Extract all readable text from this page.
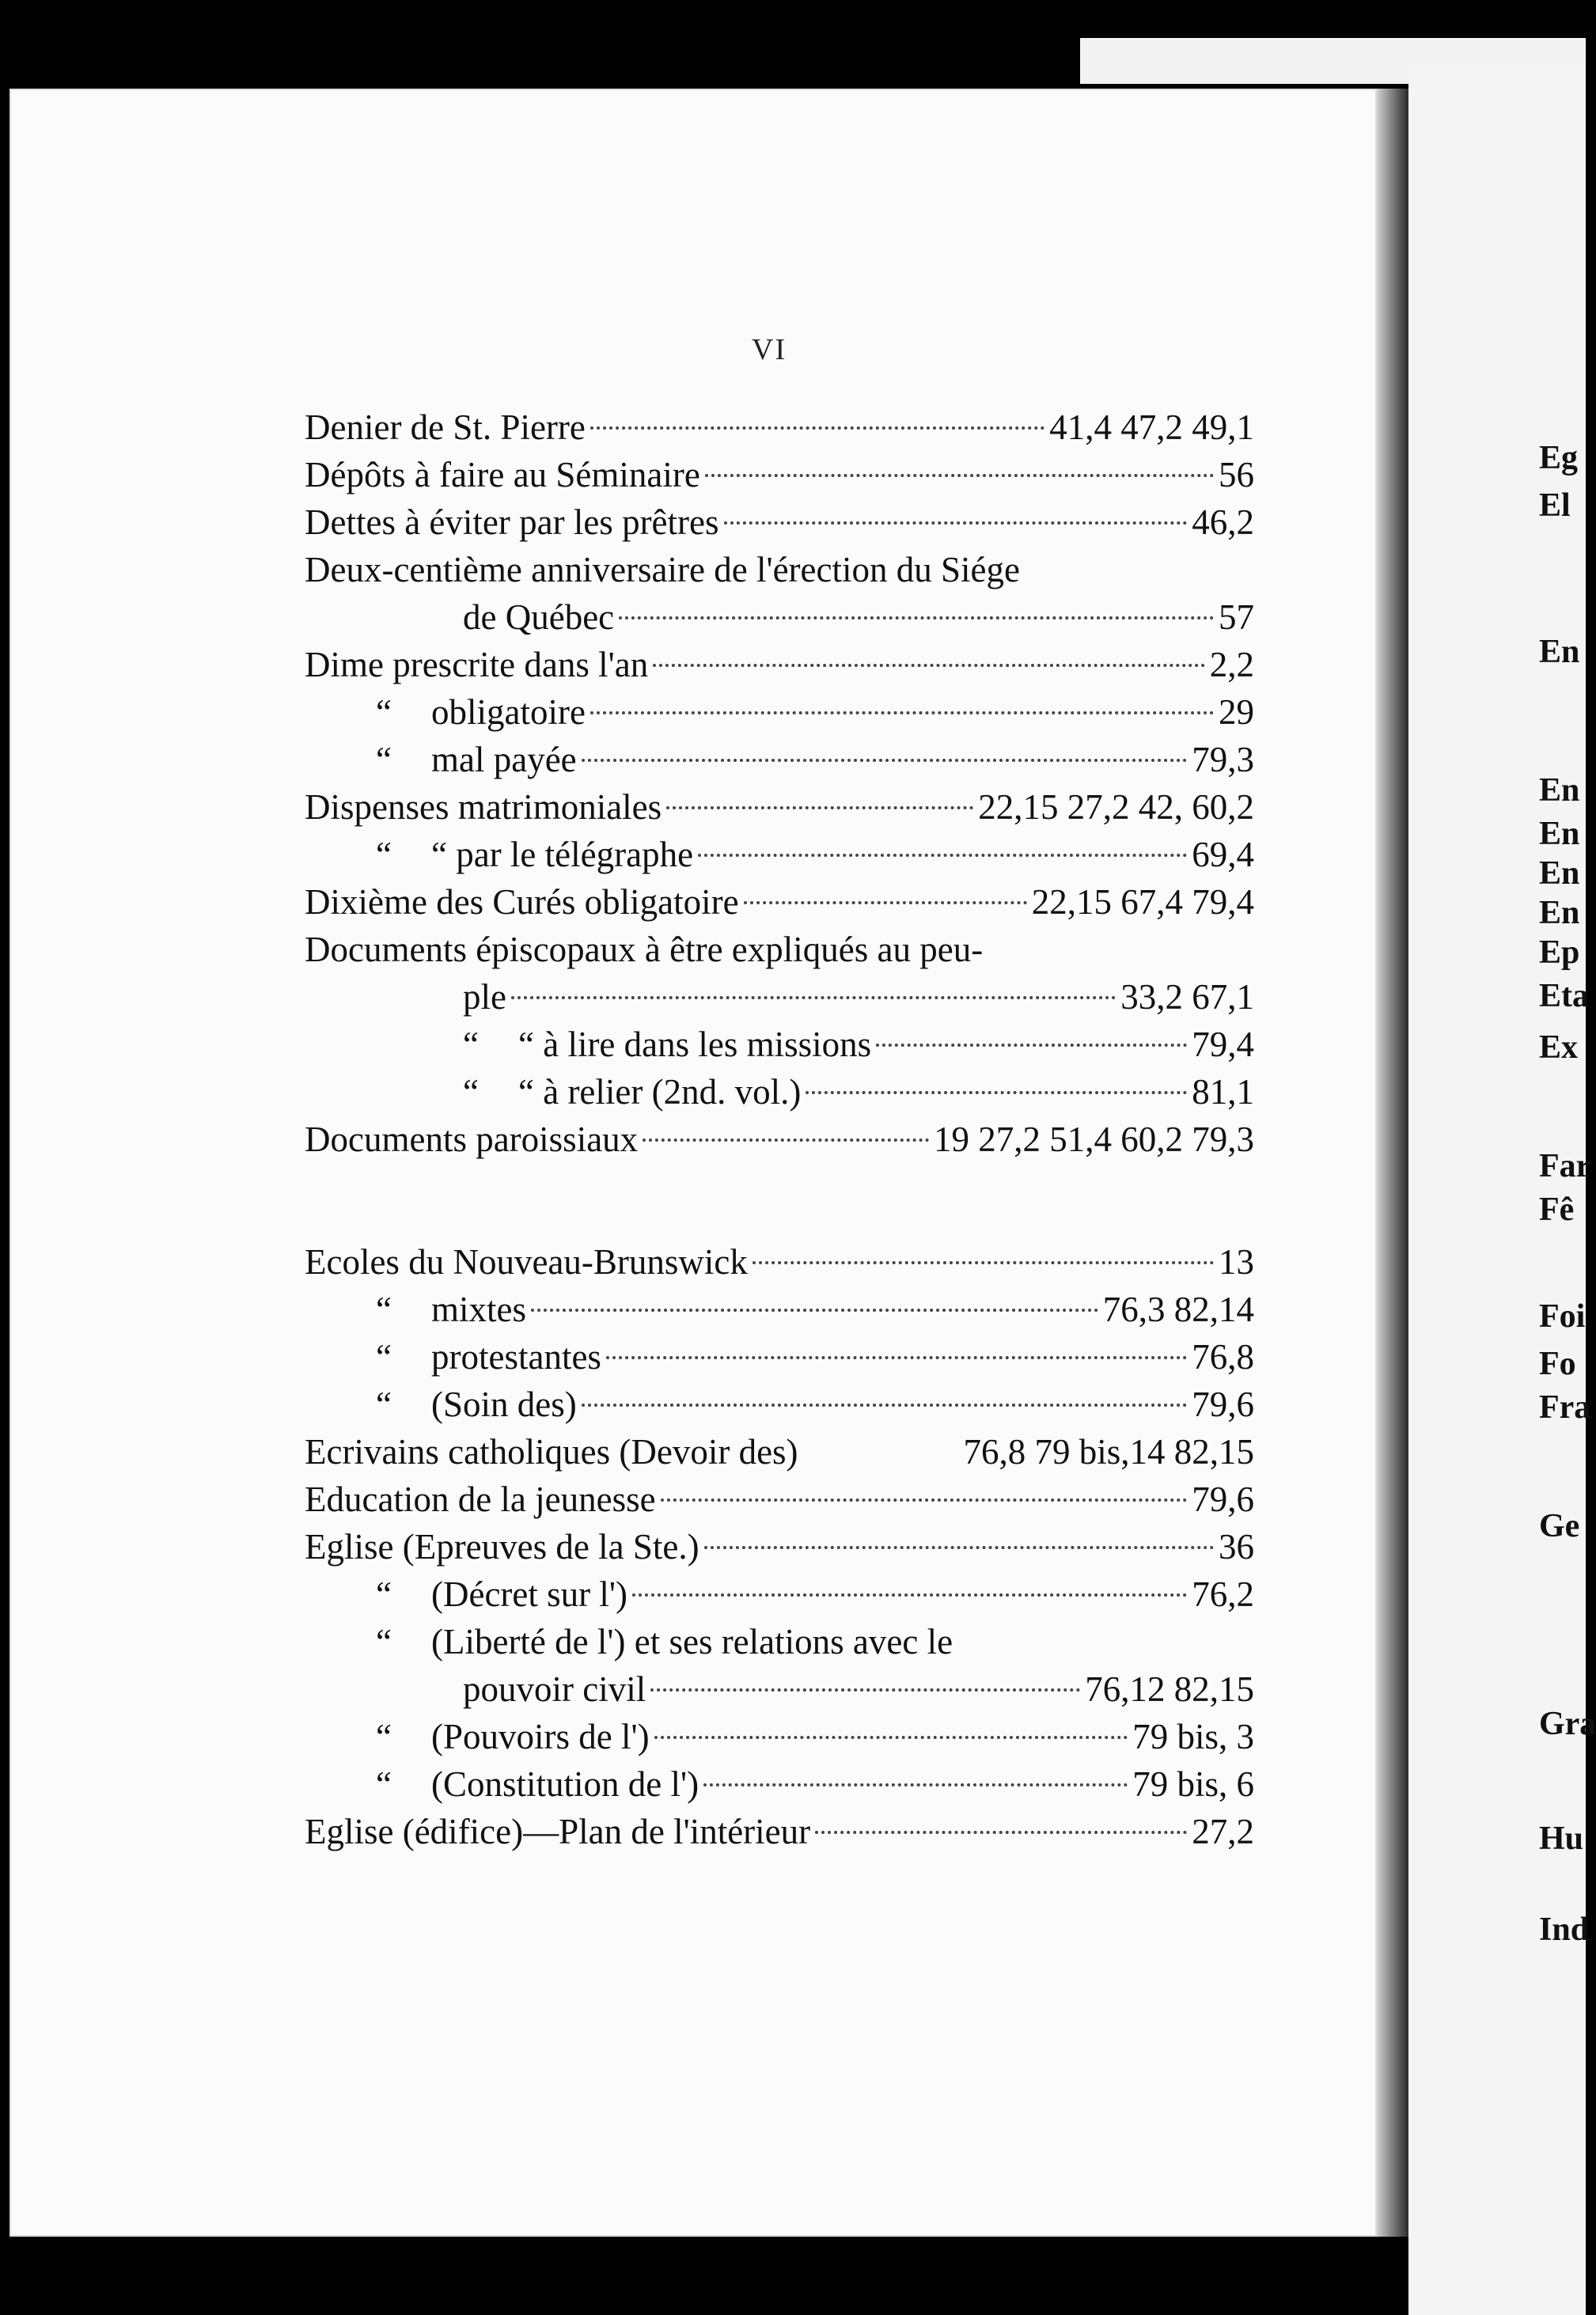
Eg
El
En
En
En
En
En
Ep
Eta
Ex
Far
Fê
Foi
Fo
Fra
Ge
Gra
Hu
Ind
VI
Denier de St. Pierre	41,4 47,2 49,1
Dépôts à faire au Séminaire	56
Dettes à éviter par les prêtres	46,2
Deux-centième anniversaire de l'érection du Siége
de Québec	57
Dime prescrite dans l'an	2,2
“	obligatoire	29
“	mal payée	79,3
Dispenses matrimoniales	22,15 27,2 42, 60,2
“	“ par le télégraphe	69,4
Dixième des Curés obligatoire	22,15 67,4 79,4
Documents épiscopaux à être expliqués au peu-
ple	33,2 67,1
“	“ à lire dans les missions	79,4
“	“ à relier (2nd. vol.)	81,1
Documents paroissiaux	19 27,2 51,4 60,2 79,3
Ecoles du Nouveau-Brunswick	13
“	mixtes	76,3 82,14
“	protestantes	76,8
“	(Soin des)	79,6
Ecrivains catholiques (Devoir des)	76,8 79 bis,14 82,15
Education de la jeunesse	79,6
Eglise (Epreuves de la Ste.)	36
“	(Décret sur l')	76,2
“	(Liberté de l') et ses relations avec le
pouvoir civil	76,12 82,15
“	(Pouvoirs de l')	79 bis, 3
“	(Constitution de l')	79 bis, 6
Eglise (édifice)—Plan de l'intérieur	27,2
